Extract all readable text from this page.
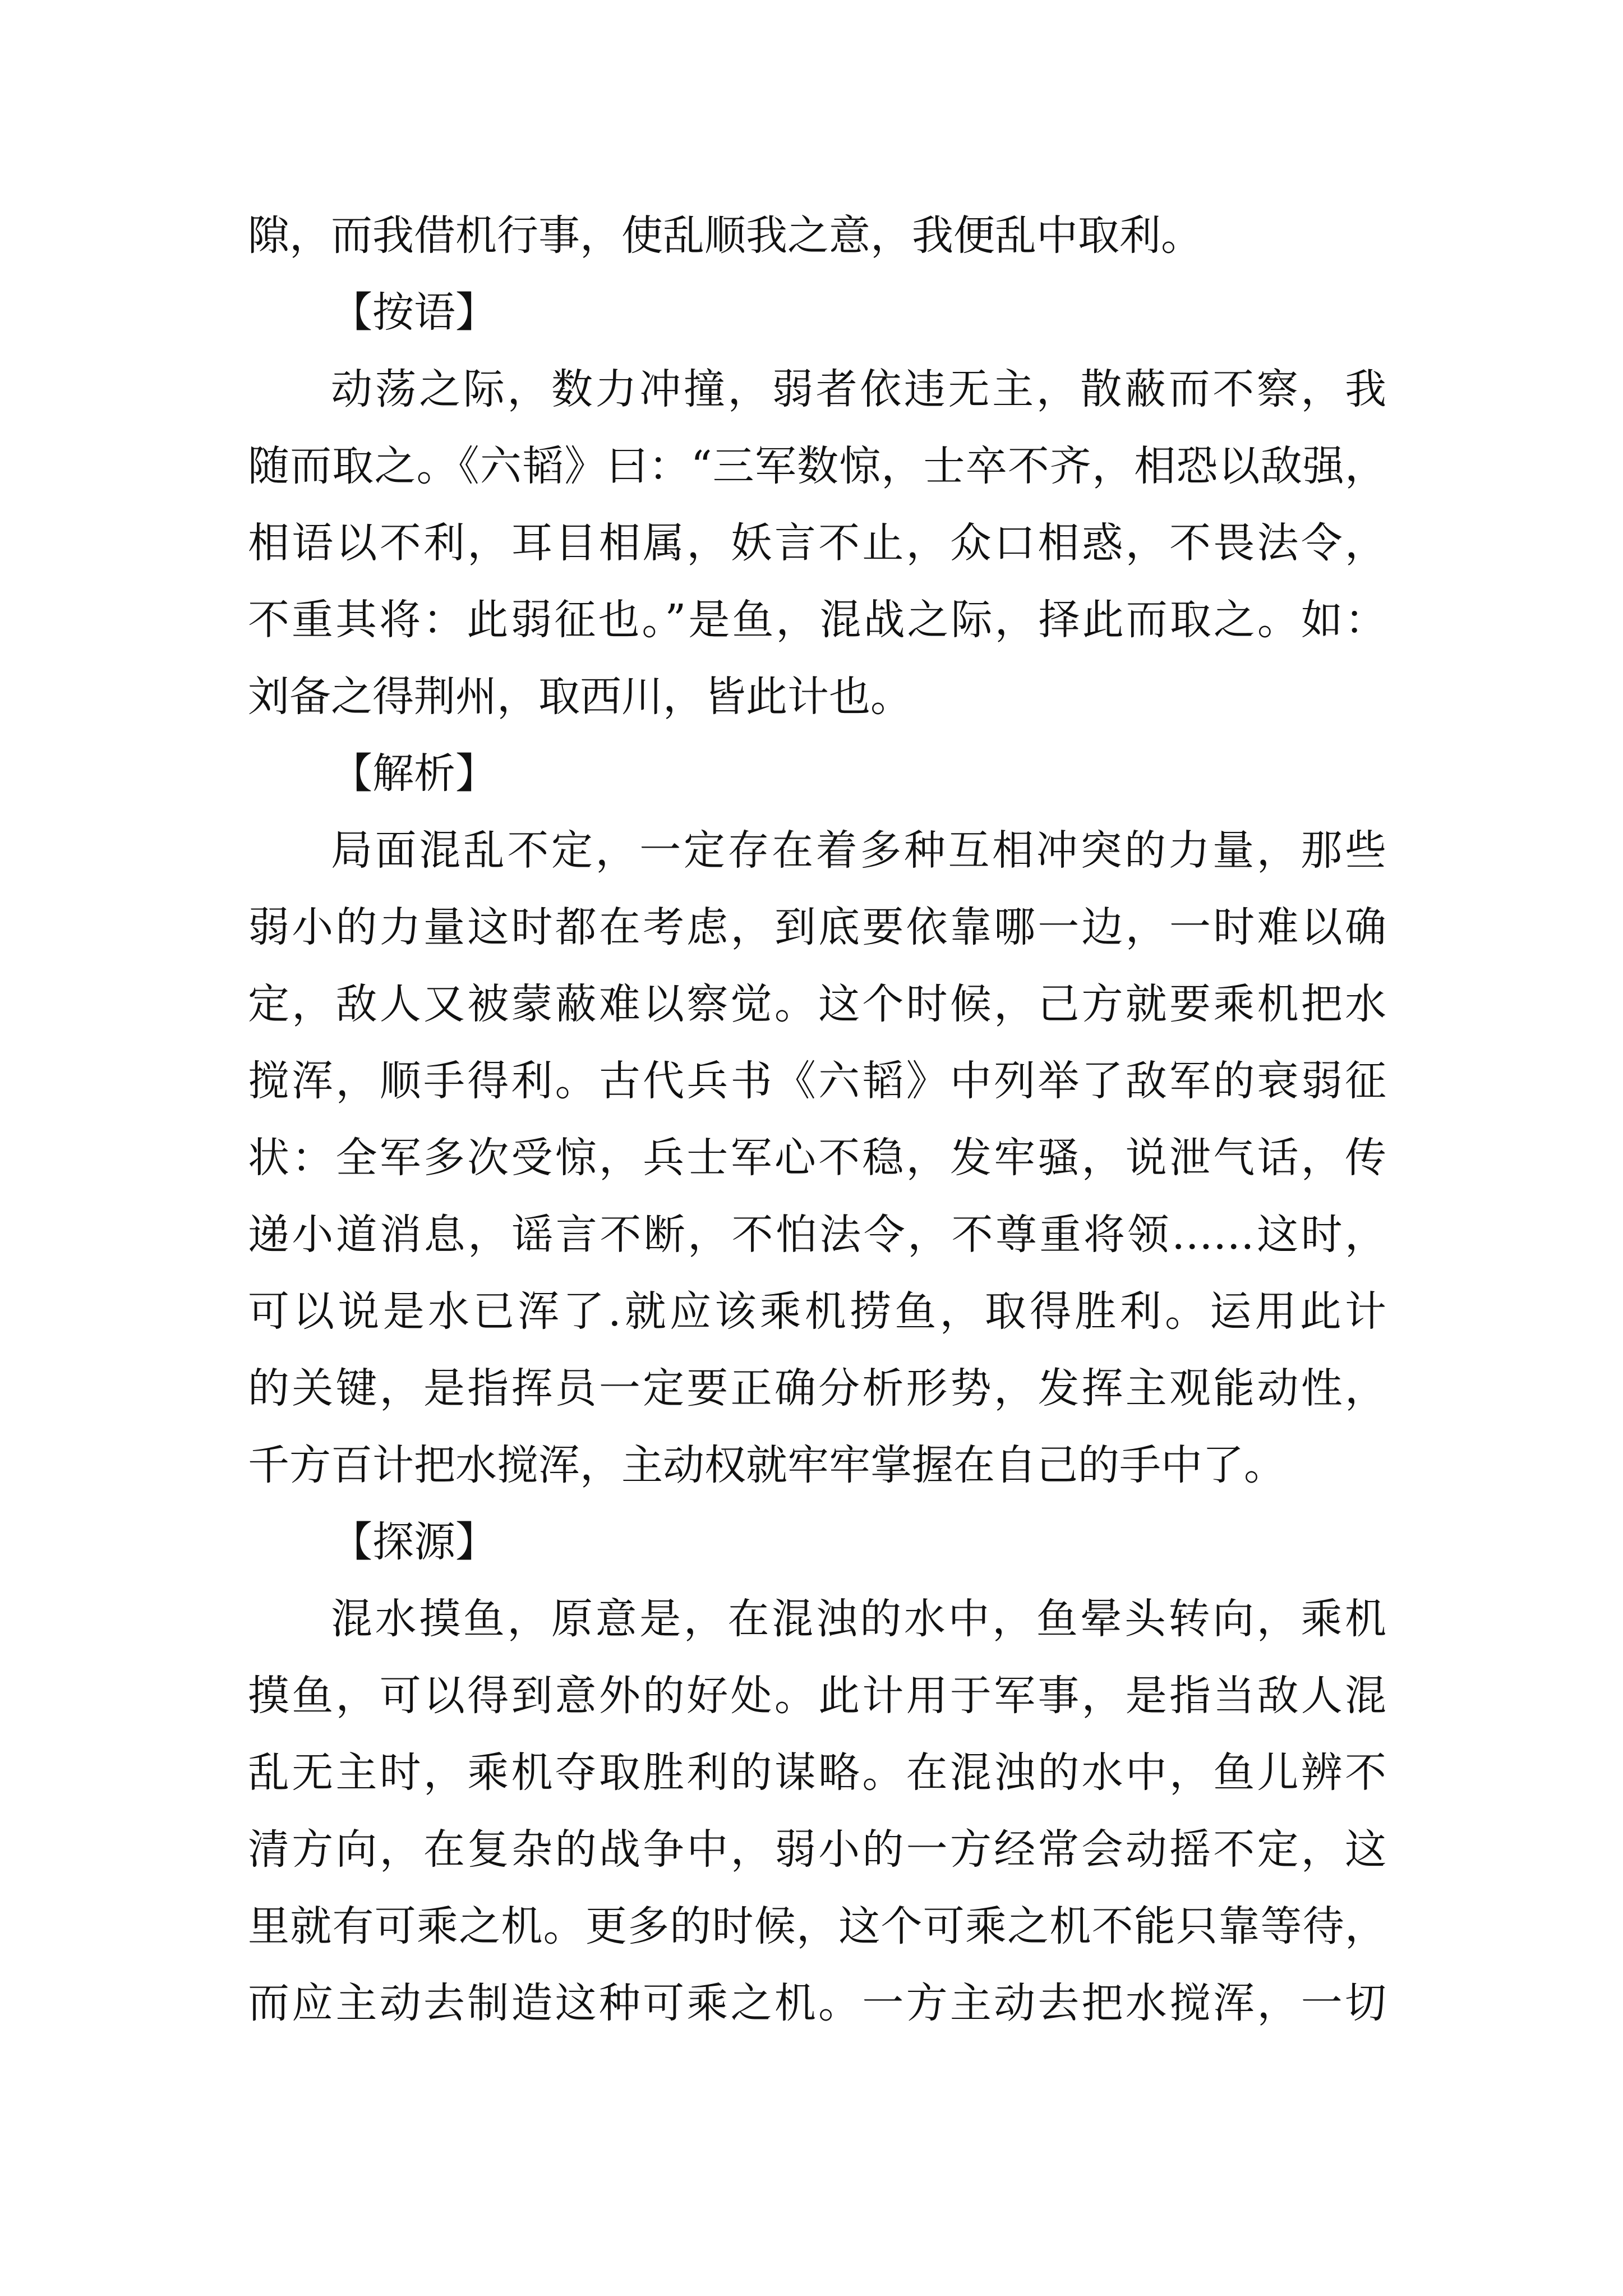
隙，而我借机行事，使乱顺我之意，我便乱中取利。
【按语】
动荡之际，数力冲撞，弱者依违无主，散蔽而不察，我
随而取之。《六韬》曰：“三军数惊，士卒不齐，相恐以敌强，
相语以不利，耳目相属，妖言不止，众口相惑，不畏法令，
不重其将：此弱征也。”是鱼，混战之际，择此而取之。如：
刘备之得荆州，取西川，皆此计也。
【解析】
局面混乱不定，一定存在着多种互相冲突的力量，那些
弱小的力量这时都在考虑，到底要依靠哪一边，一时难以确
定，敌人又被蒙蔽难以察觉。这个时候，己方就要乘机把水
搅浑，顺手得利。古代兵书《六韬》中列举了敌军的衰弱征
状：全军多次受惊，兵士军心不稳，发牢骚，说泄气话，传
递小道消息，谣言不断，不怕法令，不尊重将领……这时，
可以说是水已浑了.就应该乘机捞鱼，取得胜利。运用此计
的关键，是指挥员一定要正确分析形势，发挥主观能动性，
千方百计把水搅浑，主动权就牢牢掌握在自己的手中了。
【探源】
混水摸鱼，原意是，在混浊的水中，鱼晕头转向，乘机
摸鱼，可以得到意外的好处。此计用于军事，是指当敌人混
乱无主时，乘机夺取胜利的谋略。在混浊的水中，鱼儿辨不
清方向，在复杂的战争中，弱小的一方经常会动摇不定，这
里就有可乘之机。更多的时候，这个可乘之机不能只靠等待，
而应主动去制造这种可乘之机。一方主动去把水搅浑，一切
